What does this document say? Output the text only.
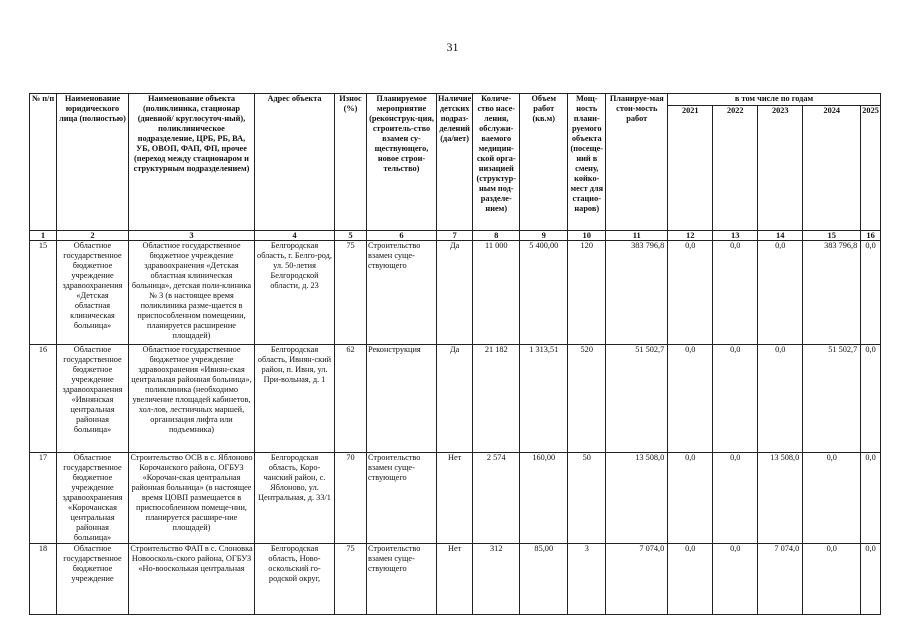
31
№ п/п	Наименование юридического лица (полностью)	Наименование объекта (поликлиника, стационар (дневной/ круглосуточ-ный), поликлиническое подразделение, ЦРБ, РБ, ВА, УБ, ОВОП, ФАП, ФП, прочее (переход между стационаром и структурным подразделением)	Адрес объекта	Износ (%)	Планируемое мероприятие (реконструк-ция, строитель-ство взамен су-ществующего, новое строи-тельство)	Наличие детских подраз-делений (да/нет)	Количе-ство насе-ления, обслужи-ваемого медицин-ской орга-низацией (структур-ным под-разделе-нием)	Объем работ (кв.м)	Мощ-ность плани-руемого объекта (посеще-ний в смену, койко-мест для стацио-наров)	Планируе-мая стои-мость работ	в том числе по годам				
											2021	2022	2023	2024	2025
1	2	3	4	5	6	7	8	9	10	11	12	13	14	15	16
15	Областное государственное бюджетное учреждение здравоохранения «Детская областная клиническая больница»	Областное государственное бюджетное учреждение здравоохранения «Детская областная клиническая больница», детская поли-клиника № 3 (в настоящее время поликлиника разме-щается в приспособленном помещении, планируется расширение площадей)	Белгородская область, г. Белго-род, ул. 50-летия Белгородской области, д. 23	75	Строительство взамен суще-ствующего	Да	11 000	5 400,00	120	383 796,8	0,0	0,0	0,0	383 796,8	0,0
16	Областное государственное бюджетное учреждение здравоохранения «Ивнянская центральная районная больница»	Областное государственное бюджетное учреждение здравоохранения «Ивнян-ская центральная районная больница», поликлиника (необходимо увеличение площадей кабинетов, хол-лов, лестничных маршей, организация лифта или подъемника)	Белгородская область, Ивнян-ский район, п. Ивня, ул. При-вольная, д. 1	62	Реконструкция	Да	21 182	1 313,51	520	51 502,7	0,0	0,0	0,0	51 502,7	0,0
17	Областное государственное бюджетное учреждение здравоохранения «Корочанская центральная районная больница»	Строительство ОСВ в с. Яблоново Корочанского района, ОГБУЗ «Корочан-ская центральная районная больница» (в настоящее время ЦОВП размещается в приспособленном помеще-нии, планируется расшире-ние площадей)	Белгородская область, Коро-чанский район, с. Яблоново, ул. Центральная, д. 33/1	70	Строительство взамен суще-ствующего	Нет	2 574	160,00	50	13 508,0	0,0	0,0	13 508,0	0,0	0,0
18	Областное государственное бюджетное учреждение	Строительство ФАП в с. Слоновка Новоосколь-ского района, ОГБУЗ «Но-воосколькая центральная	Белгородская область, Ново-оскольский го-родской округ,	75	Строительство взамен суще-ствующего	Нет	312	85,00	3	7 074,0	0,0	0,0	7 074,0	0,0	0,0
